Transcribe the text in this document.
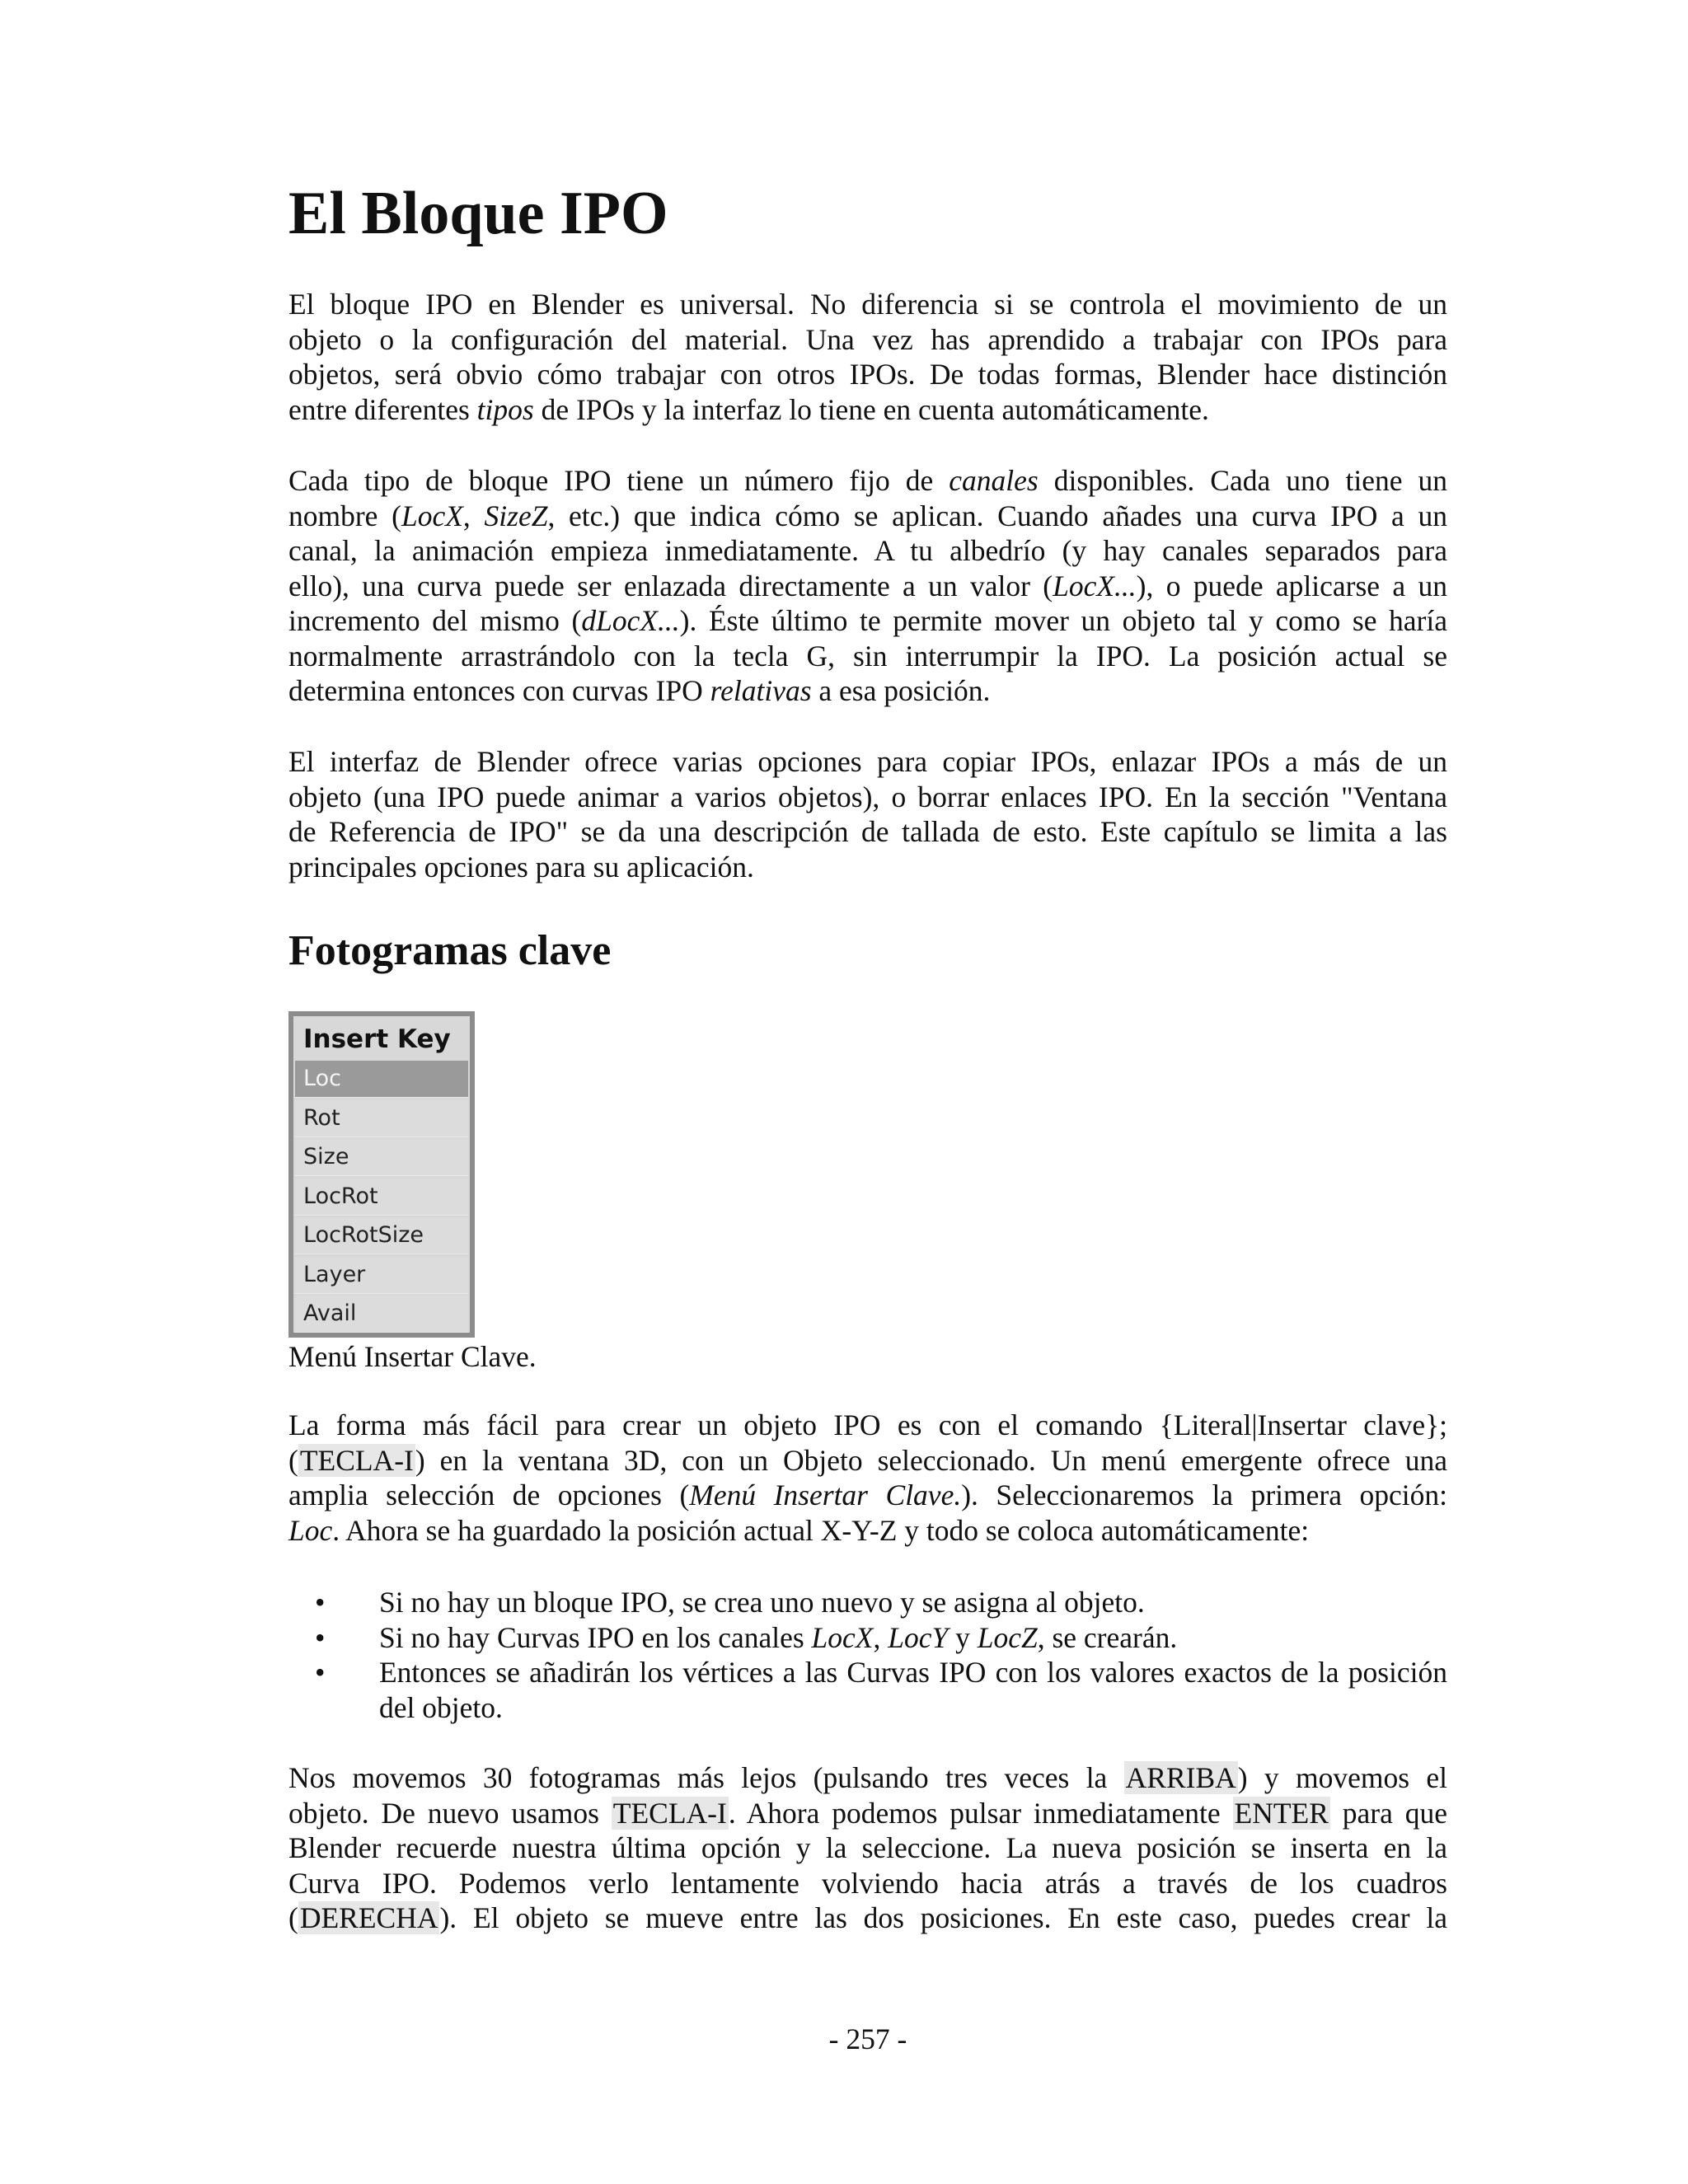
El Bloque IPO
El bloque IPO en Blender es universal. No diferencia si se controla el movimiento de un
objeto o la configuración del material. Una vez has aprendido a trabajar con IPOs para
objetos, será obvio cómo trabajar con otros IPOs. De todas formas, Blender hace distinción
entre diferentes tipos de IPOs y la interfaz lo tiene en cuenta automáticamente.
Cada tipo de bloque IPO tiene un número fijo de canales disponibles. Cada uno tiene un
nombre (LocX, SizeZ, etc.) que indica cómo se aplican. Cuando añades una curva IPO a un
canal, la animación empieza inmediatamente. A tu albedrío (y hay canales separados para
ello), una curva puede ser enlazada directamente a un valor (LocX...), o puede aplicarse a un
incremento del mismo (dLocX...). Éste último te permite mover un objeto tal y como se haría
normalmente arrastrándolo con la tecla G, sin interrumpir la IPO. La posición actual se
determina entonces con curvas IPO relativas a esa posición.
El interfaz de Blender ofrece varias opciones para copiar IPOs, enlazar IPOs a más de un
objeto (una IPO puede animar a varios objetos), o borrar enlaces IPO. En la sección "Ventana
de Referencia de IPO" se da una descripción de tallada de esto. Este capítulo se limita a las
principales opciones para su aplicación.
Fotogramas clave
Insert Key
Loc
Rot
Size
LocRot
LocRotSize
Layer
Avail

Menú Insertar Clave.

La forma más fácil para crear un objeto IPO es con el comando {Literal|Insertar clave};
(TECLA-I) en la ventana 3D, con un Objeto seleccionado. Un menú emergente ofrece una
amplia selección de opciones (Menú Insertar Clave.). Seleccionaremos la primera opción:
Loc. Ahora se ha guardado la posición actual X-Y-Z y todo se coloca automáticamente:
• Si no hay un bloque IPO, se crea uno nuevo y se asigna al objeto.
• Si no hay Curvas IPO en los canales LocX, LocY y LocZ, se crearán.
• Entonces se añadirán los vértices a las Curvas IPO con los valores exactos de la posición del objeto.
Nos movemos 30 fotogramas más lejos (pulsando tres veces la ARRIBA) y movemos el
objeto. De nuevo usamos TECLA-I. Ahora podemos pulsar inmediatamente ENTER para que
Blender recuerde nuestra última opción y la seleccione. La nueva posición se inserta en la
Curva IPO. Podemos verlo lentamente volviendo hacia atrás a través de los cuadros
(DERECHA). El objeto se mueve entre las dos posiciones. En este caso, puedes crear la

- 257 -
